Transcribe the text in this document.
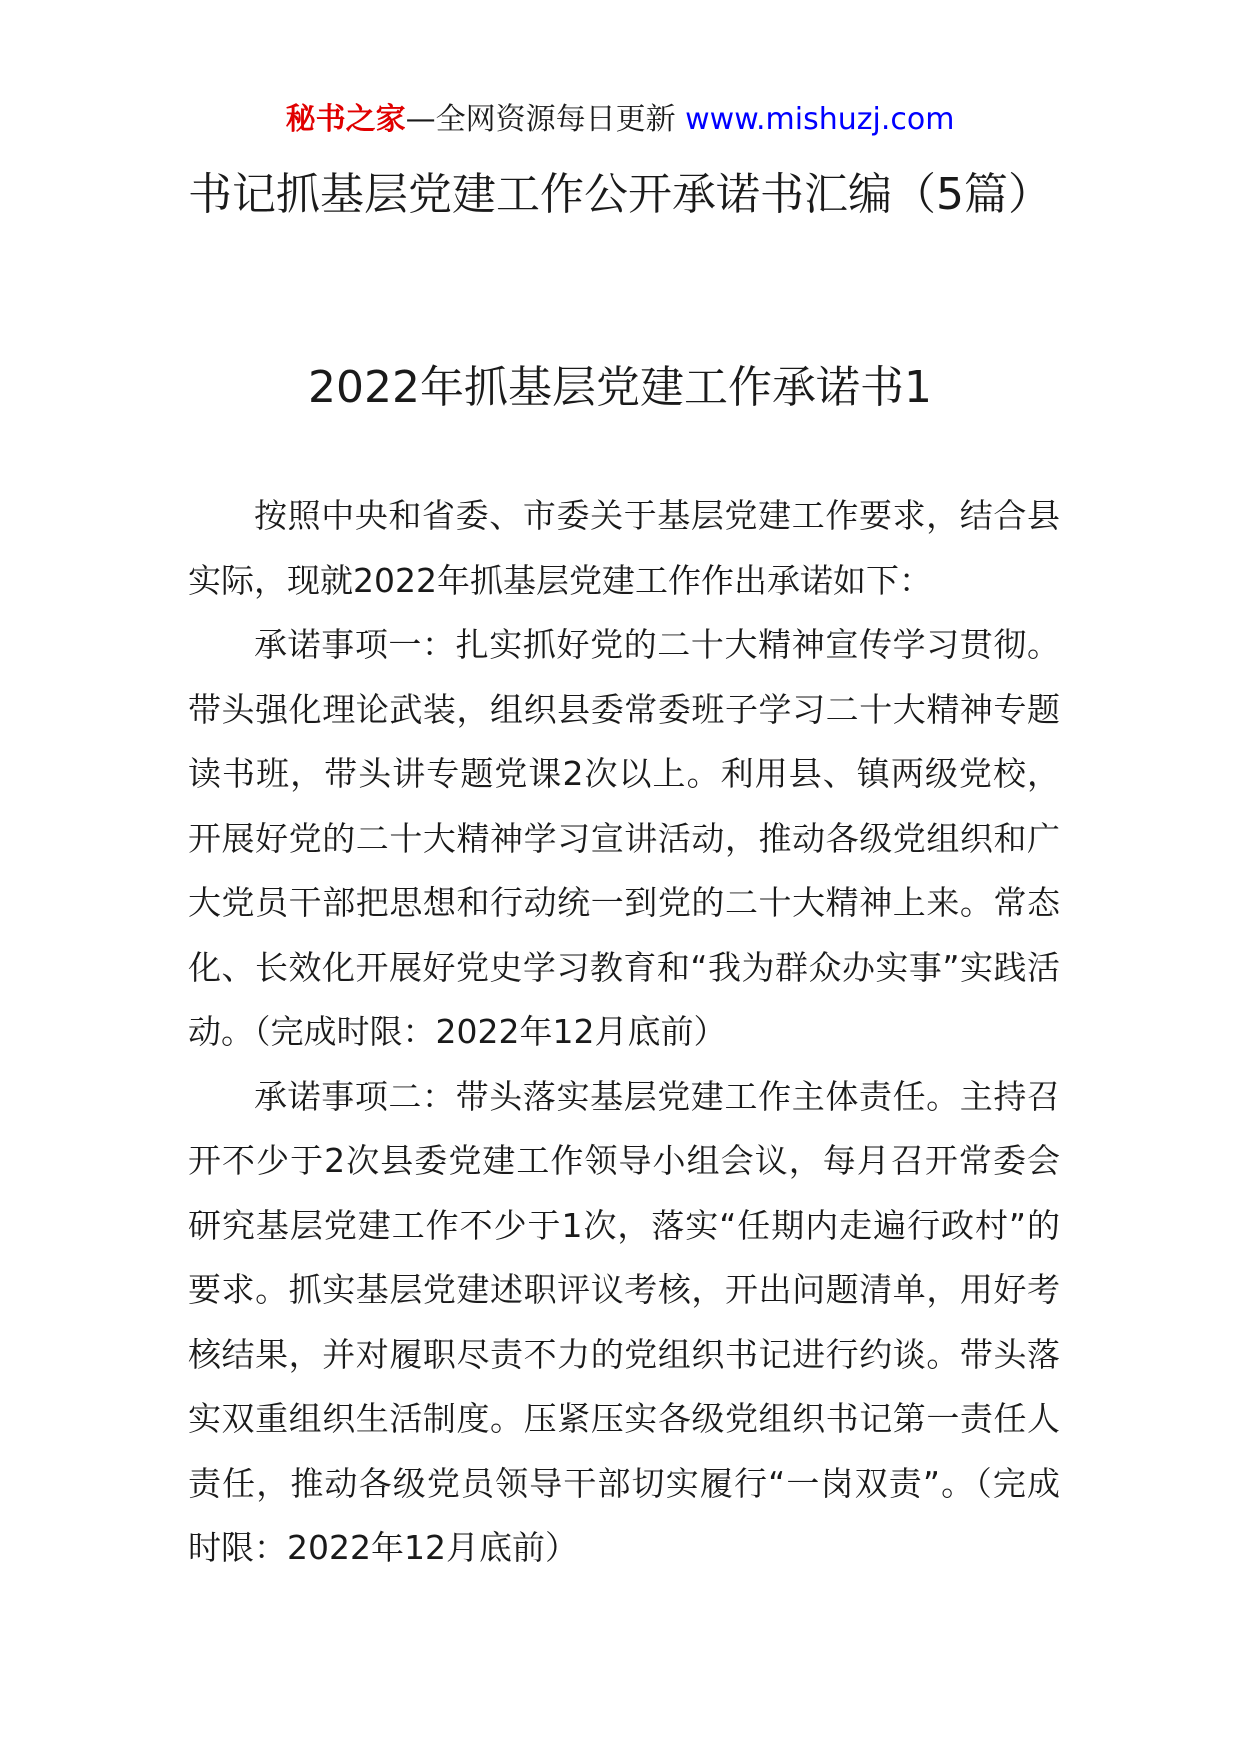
秘书之家—全网资源每日更新 www.mishuzj.com
书记抓基层党建工作公开承诺书汇编（5篇）
2022年抓基层党建工作承诺书1

按照中央和省委、市委关于基层党建工作要求，结合县实际，现就2022年抓基层党建工作作出承诺如下：

承诺事项一：扎实抓好党的二十大精神宣传学习贯彻。带头强化理论武装，组织县委常委班子学习二十大精神专题读书班，带头讲专题党课2次以上。利用县、镇两级党校，开展好党的二十大精神学习宣讲活动，推动各级党组织和广大党员干部把思想和行动统一到党的二十大精神上来。常态化、长效化开展好党史学习教育和“我为群众办实事”实践活动。（完成时限：2022年12月底前）

承诺事项二：带头落实基层党建工作主体责任。主持召开不少于2次县委党建工作领导小组会议，每月召开常委会研究基层党建工作不少于1次，落实“任期内走遍行政村”的要求。抓实基层党建述职评议考核，开出问题清单，用好考核结果，并对履职尽责不力的党组织书记进行约谈。带头落实双重组织生活制度。压紧压实各级党组织书记第一责任人责任，推动各级党员领导干部切实履行“一岗双责”。（完成时限：2022年12月底前）
